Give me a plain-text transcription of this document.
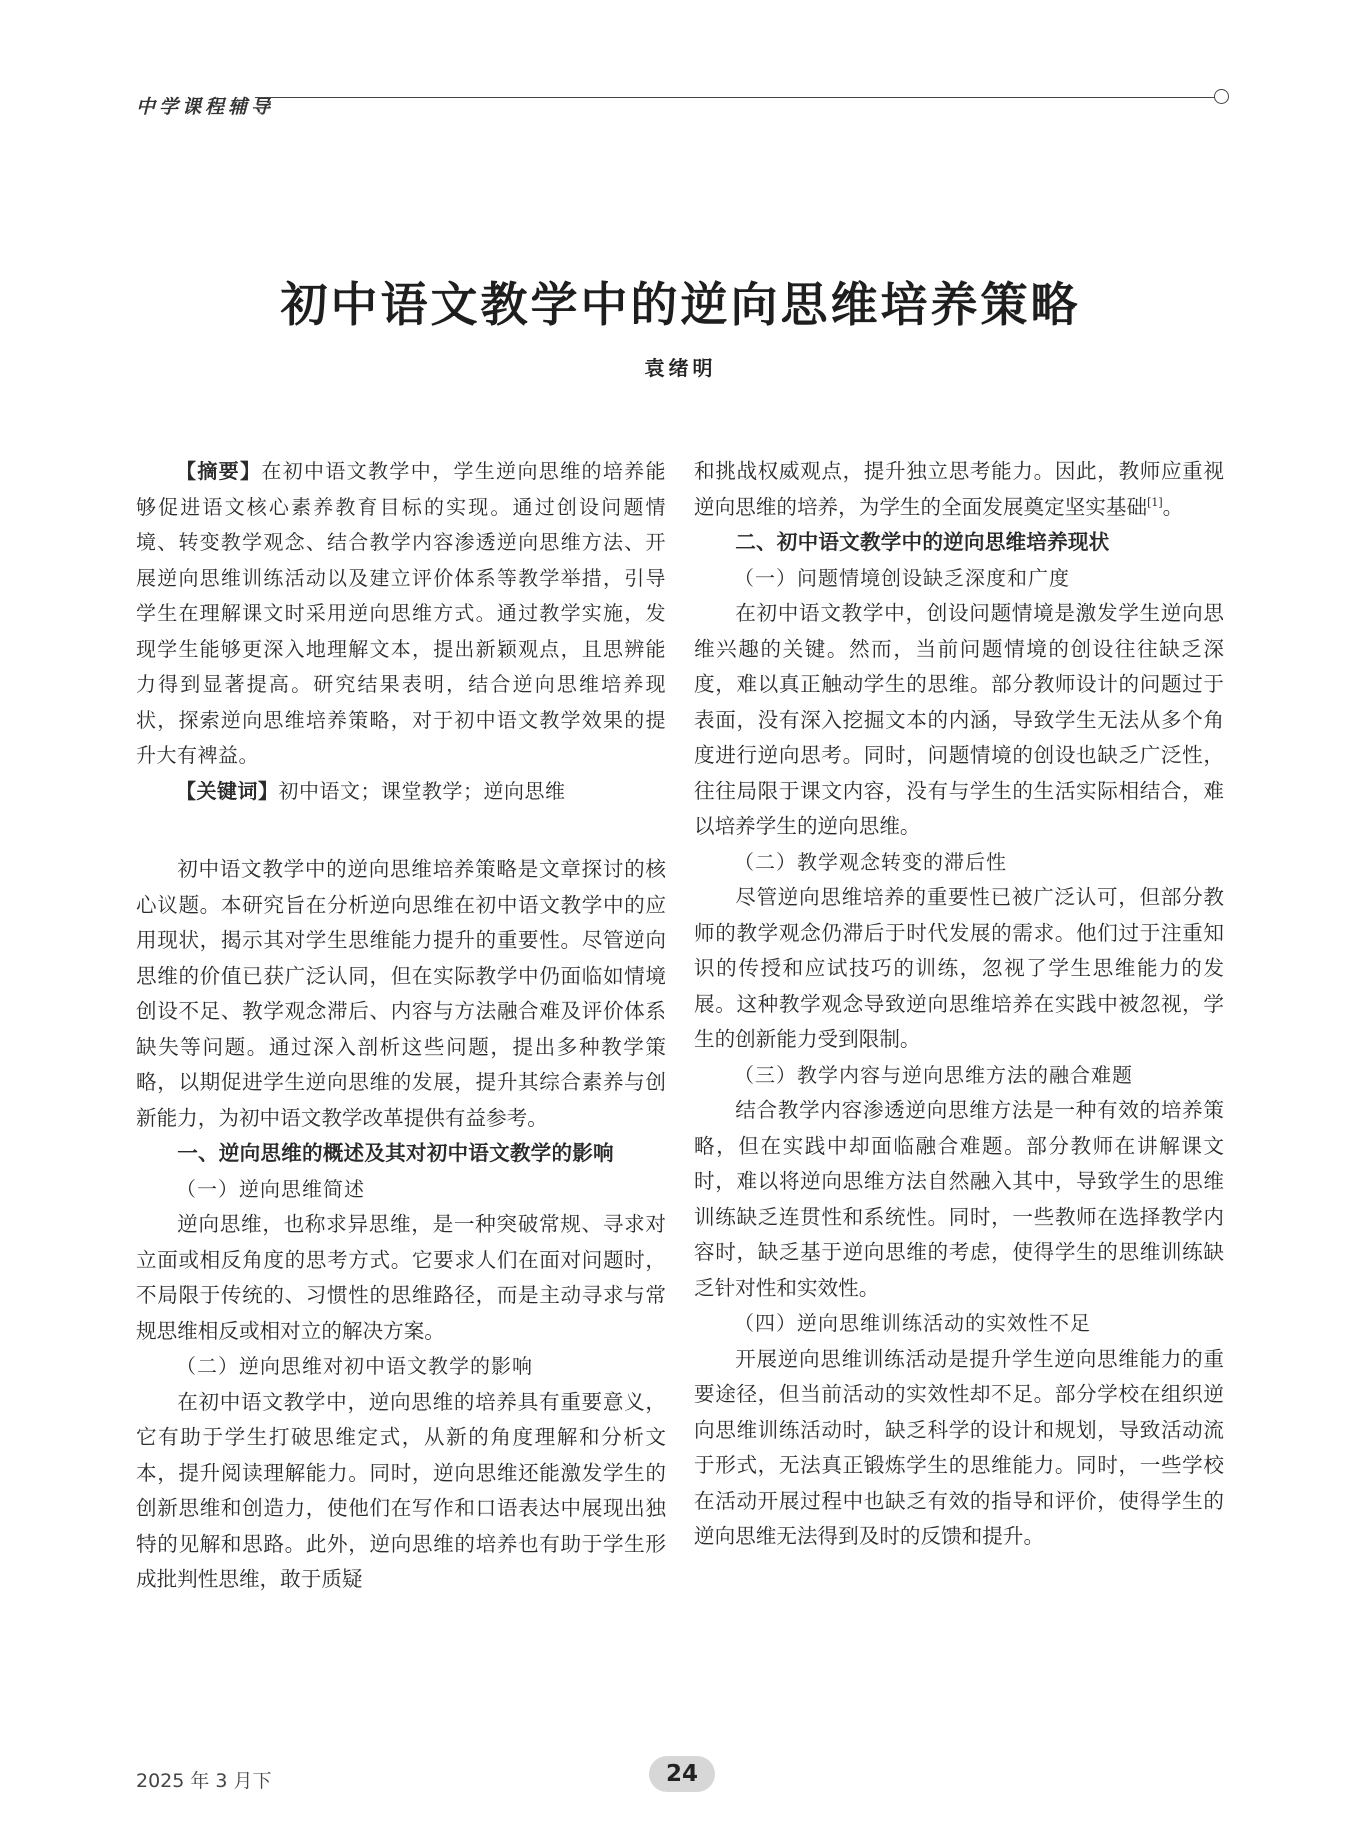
中学课程辅导
初中语文教学中的逆向思维培养策略
袁绪明

【摘要】在初中语文教学中，学生逆向思维的培养能够促进语文核心素养教育目标的实现。通过创设问题情境、转变教学观念、结合教学内容渗透逆向思维方法、开展逆向思维训练活动以及建立评价体系等教学举措，引导学生在理解课文时采用逆向思维方式。通过教学实施，发现学生能够更深入地理解文本，提出新颖观点，且思辨能力得到显著提高。研究结果表明，结合逆向思维培养现状，探索逆向思维培养策略，对于初中语文教学效果的提升大有裨益。

【关键词】初中语文；课堂教学；逆向思维

初中语文教学中的逆向思维培养策略是文章探讨的核心议题。本研究旨在分析逆向思维在初中语文教学中的应用现状，揭示其对学生思维能力提升的重要性。尽管逆向思维的价值已获广泛认同，但在实际教学中仍面临如情境创设不足、教学观念滞后、内容与方法融合难及评价体系缺失等问题。通过深入剖析这些问题，提出多种教学策略，以期促进学生逆向思维的发展，提升其综合素养与创新能力，为初中语文教学改革提供有益参考。

一、逆向思维的概述及其对初中语文教学的影响
（一）逆向思维简述

逆向思维，也称求异思维，是一种突破常规、寻求对立面或相反角度的思考方式。它要求人们在面对问题时，不局限于传统的、习惯性的思维路径，而是主动寻求与常规思维相反或相对立的解决方案。

（二）逆向思维对初中语文教学的影响

在初中语文教学中，逆向思维的培养具有重要意义，它有助于学生打破思维定式，从新的角度理解和分析文本，提升阅读理解能力。同时，逆向思维还能激发学生的创新思维和创造力，使他们在写作和口语表达中展现出独特的见解和思路。此外，逆向思维的培养也有助于学生形成批判性思维，敢于质疑

和挑战权威观点，提升独立思考能力。因此，教师应重视逆向思维的培养，为学生的全面发展奠定坚实基础[1]。

二、初中语文教学中的逆向思维培养现状
（一）问题情境创设缺乏深度和广度

在初中语文教学中，创设问题情境是激发学生逆向思维兴趣的关键。然而，当前问题情境的创设往往缺乏深度，难以真正触动学生的思维。部分教师设计的问题过于表面，没有深入挖掘文本的内涵，导致学生无法从多个角度进行逆向思考。同时，问题情境的创设也缺乏广泛性，往往局限于课文内容，没有与学生的生活实际相结合，难以培养学生的逆向思维。

（二）教学观念转变的滞后性

尽管逆向思维培养的重要性已被广泛认可，但部分教师的教学观念仍滞后于时代发展的需求。他们过于注重知识的传授和应试技巧的训练，忽视了学生思维能力的发展。这种教学观念导致逆向思维培养在实践中被忽视，学生的创新能力受到限制。

（三）教学内容与逆向思维方法的融合难题

结合教学内容渗透逆向思维方法是一种有效的培养策略，但在实践中却面临融合难题。部分教师在讲解课文时，难以将逆向思维方法自然融入其中，导致学生的思维训练缺乏连贯性和系统性。同时，一些教师在选择教学内容时，缺乏基于逆向思维的考虑，使得学生的思维训练缺乏针对性和实效性。

（四）逆向思维训练活动的实效性不足

开展逆向思维训练活动是提升学生逆向思维能力的重要途径，但当前活动的实效性却不足。部分学校在组织逆向思维训练活动时，缺乏科学的设计和规划，导致活动流于形式，无法真正锻炼学生的思维能力。同时，一些学校在活动开展过程中也缺乏有效的指导和评价，使得学生的逆向思维无法得到及时的反馈和提升。

2025 年 3 月下	24
